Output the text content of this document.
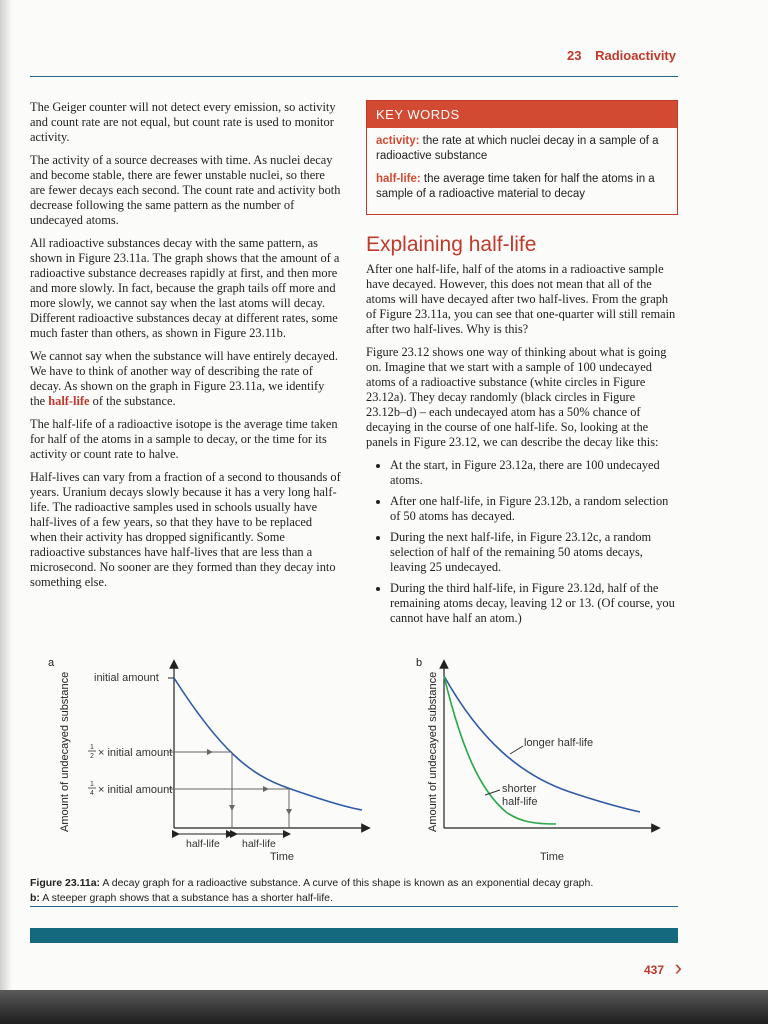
23 Radioactivity

The Geiger counter will not detect every emission, so activity and count rate are not equal, but count rate is used to monitor activity.

The activity of a source decreases with time. As nuclei decay and become stable, there are fewer unstable nuclei, so there are fewer decays each second. The count rate and activity both decrease following the same pattern as the number of undecayed atoms.

All radioactive substances decay with the same pattern, as shown in Figure 23.11a. The graph shows that the amount of a radioactive substance decreases rapidly at first, and then more and more slowly. In fact, because the graph tails off more and more slowly, we cannot say when the last atoms will decay. Different radioactive substances decay at different rates, some much faster than others, as shown in Figure 23.11b.

We cannot say when the substance will have entirely decayed. We have to think of another way of describing the rate of decay. As shown on the graph in Figure 23.11a, we identify the half-life of the substance.

The half-life of a radioactive isotope is the average time taken for half of the atoms in a sample to decay, or the time for its activity or count rate to halve.

Half-lives can vary from a fraction of a second to thousands of years. Uranium decays slowly because it has a very long half-life. The radioactive samples used in schools usually have half-lives of a few years, so that they have to be replaced when their activity has dropped significantly. Some radioactive substances have half-lives that are less than a microsecond. No sooner are they formed than they decay into something else.

KEY WORDS

activity: the rate at which nuclei decay in a sample of a radioactive substance

half-life: the average time taken for half the atoms in a sample of a radioactive material to decay

Explaining half-life

After one half-life, half of the atoms in a radioactive sample have decayed. However, this does not mean that all of the atoms will have decayed after two half-lives. From the graph of Figure 23.11a, you can see that one-quarter will still remain after two half-lives. Why is this?

Figure 23.12 shows one way of thinking about what is going on. Imagine that we start with a sample of 100 undecayed atoms of a radioactive substance (white circles in Figure 23.12a). They decay randomly (black circles in Figure 23.12b–d) – each undecayed atom has a 50% chance of decaying in the course of one half-life. So, looking at the panels in Figure 23.12, we can describe the decay like this:

• At the start, in Figure 23.12a, there are 100 undecayed atoms.
• After one half-life, in Figure 23.12b, a random selection of 50 atoms has decayed.
• During the next half-life, in Figure 23.12c, a random selection of half of the remaining 50 atoms decays, leaving 25 undecayed.
• During the third half-life, in Figure 23.12d, half of the remaining atoms decay, leaving 12 or 13. (Of course, you cannot have half an atom.)
a
Amount of undecayed substance initial amount
1
2 × initial amount
1
4 × initial amount
half-life half-life
Time
b
Amount of undecayed substance	longer half-life
shorter
half-life
Time
Figure 23.11a: A decay graph for a radioactive substance. A curve of this shape is known as an exponential decay graph.
b: A steeper graph shows that a substance has a shorter half-life.
437 ›
